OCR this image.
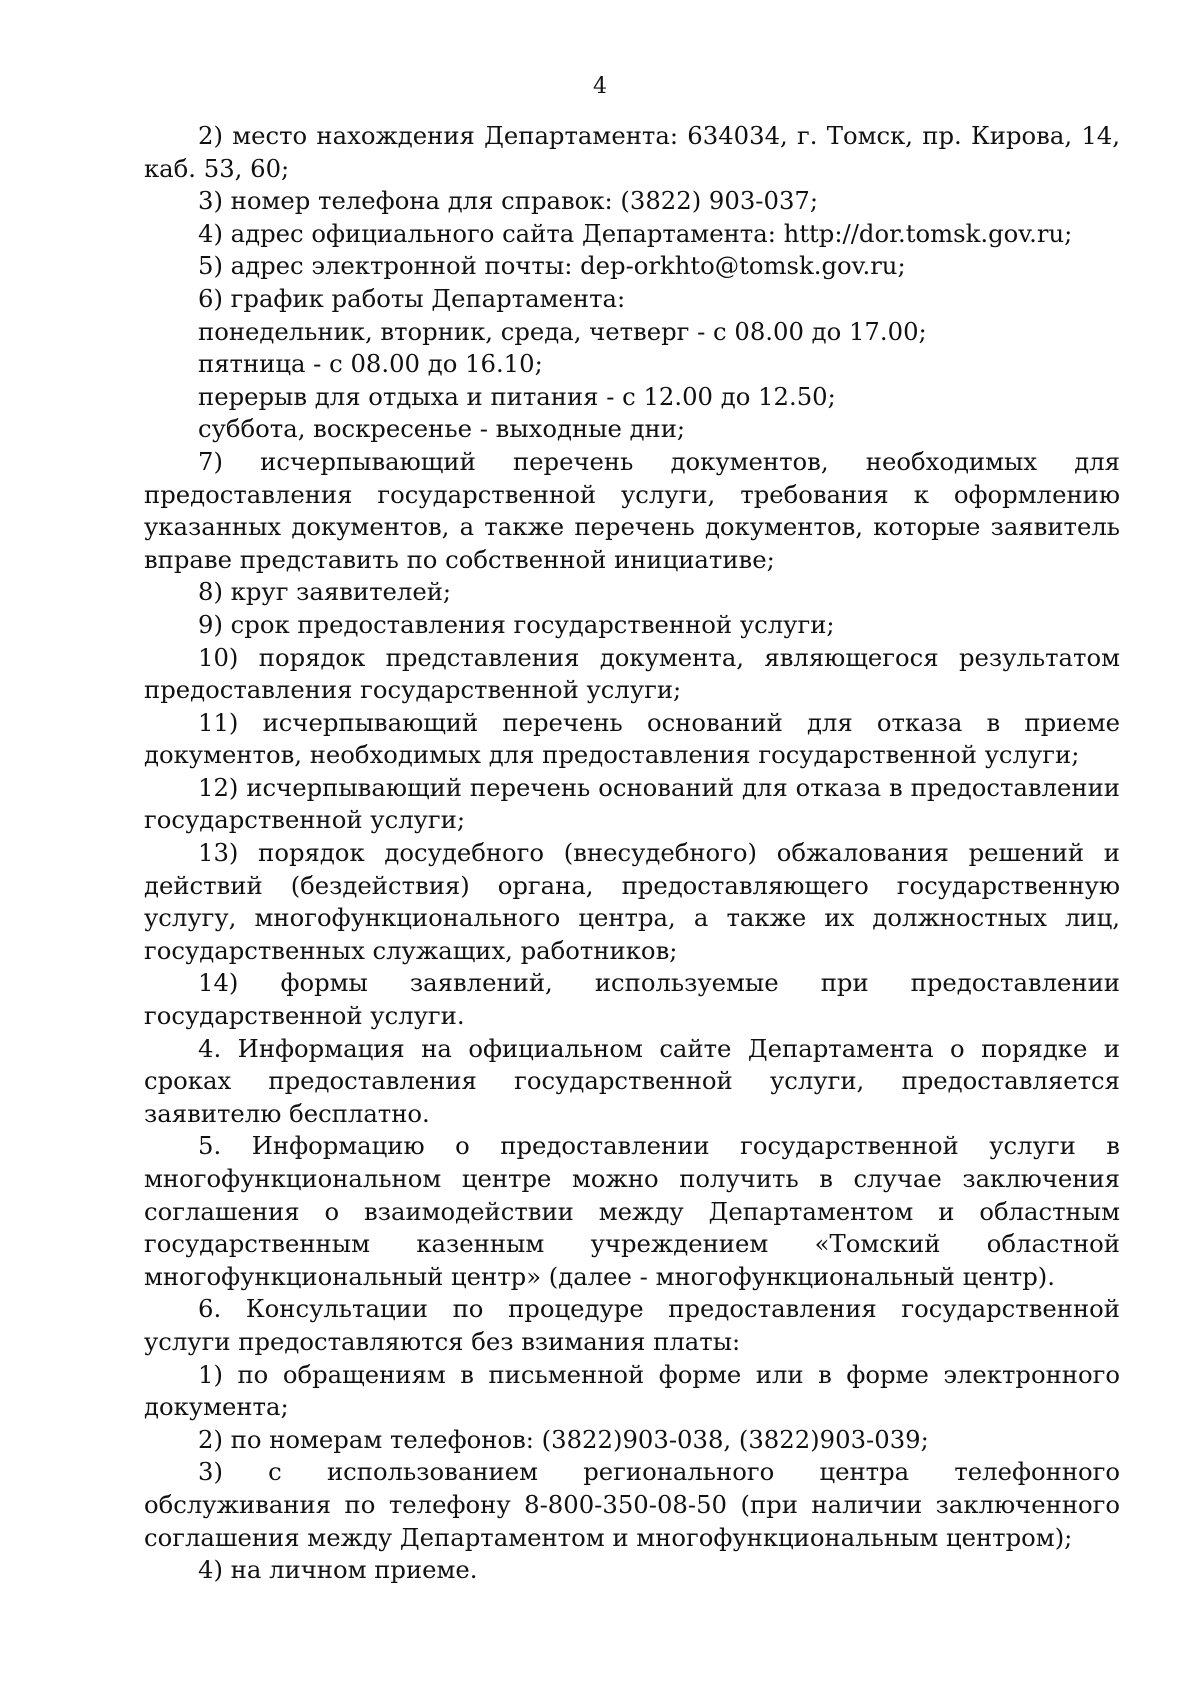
4

2) место нахождения Департамента: 634034, г. Томск, пр. Кирова, 14, каб. 53, 60;

3) номер телефона для справок: (3822) 903-037;

4) адрес официального сайта Департамента: http://dor.tomsk.gov.ru;

5) адрес электронной почты: dep-orkhto@tomsk.gov.ru;

6) график работы Департамента:

понедельник, вторник, среда, четверг - с 08.00 до 17.00;

пятница - с 08.00 до 16.10;

перерыв для отдыха и питания - с 12.00 до 12.50;

суббота, воскресенье - выходные дни;

7) исчерпывающий перечень документов, необходимых для предоставления государственной услуги, требования к оформлению указанных документов, а также перечень документов, которые заявитель вправе представить по собственной инициативе;

8) круг заявителей;

9) срок предоставления государственной услуги;

10) порядок представления документа, являющегося результатом предоставления государственной услуги;

11) исчерпывающий перечень оснований для отказа в приеме документов, необходимых для предоставления государственной услуги;

12) исчерпывающий перечень оснований для отказа в предоставлении государственной услуги;

13) порядок досудебного (внесудебного) обжалования решений и действий (бездействия) органа, предоставляющего государственную услугу, многофункционального центра, а также их должностных лиц, государственных служащих, работников;

14) формы заявлений, используемые при предоставлении государственной услуги.

4. Информация на официальном сайте Департамента о порядке и сроках предоставления государственной услуги, предоставляется заявителю бесплатно.

5. Информацию о предоставлении государственной услуги в многофункциональном центре можно получить в случае заключения соглашения о взаимодействии между Департаментом и областным государственным казенным учреждением «Томский областной многофункциональный центр» (далее - многофункциональный центр).

6. Консультации по процедуре предоставления государственной услуги предоставляются без взимания платы:

1) по обращениям в письменной форме или в форме электронного документа;

2) по номерам телефонов: (3822)903-038, (3822)903-039;

3) с использованием регионального центра телефонного обслуживания по телефону 8-800-350-08-50 (при наличии заключенного соглашения между Департаментом и многофункциональным центром);

4) на личном приеме.
